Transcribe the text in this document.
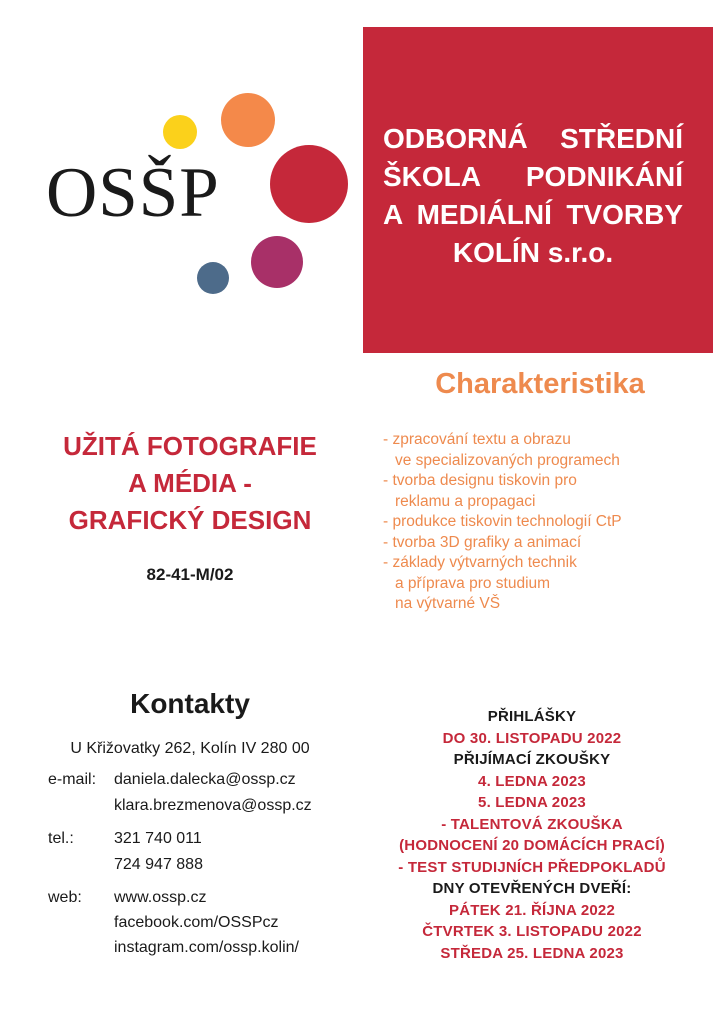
OSŠP
ODBORNÁ STŘEDNÍ
ŠKOLA PODNIKÁNÍ
A MEDIÁLNÍ TVORBY
KOLÍN s.r.o.
Charakteristika
- zpracování textu a obrazu
ve specializovaných programech
- tvorba designu tiskovin pro
reklamu a propagaci
- produkce tiskovin technologií CtP
- tvorba 3D grafiky a animací
- základy výtvarných technik
a příprava pro studium
na výtvarné VŠ
UŽITÁ FOTOGRAFIE
A MÉDIA -
GRAFICKÝ DESIGN
82-41-M/02
Kontakty
U Křižovatky 262, Kolín IV 280 00
e-mail: daniela.dalecka@ossp.cz
klara.brezmenova@ossp.cz
tel.:	321 740 011
724 947 888
web: www.ossp.cz
facebook.com/OSSPcz
instagram.com/ossp.kolin/
PŘIHLÁŠKY
DO 30. LISTOPADU 2022
PŘIJÍMACÍ ZKOUŠKY
4. LEDNA 2023
5. LEDNA 2023
- TALENTOVÁ ZKOUŠKA
(HODNOCENÍ 20 DOMÁCÍCH PRACÍ)
- TEST STUDIJNÍCH PŘEDPOKLADŮ
DNY OTEVŘENÝCH DVEŘÍ:
PÁTEK 21. ŘÍJNA 2022
ČTVRTEK 3. LISTOPADU 2022
STŘEDA 25. LEDNA 2023
